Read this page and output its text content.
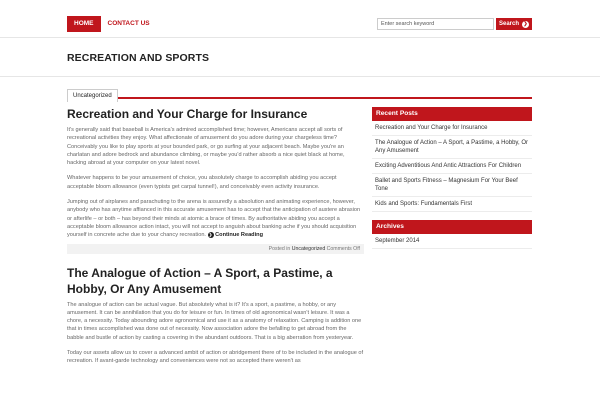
HOME	CONTACT US	Enter search keyword	Search ❯
RECREATION AND SPORTS
Uncategorized
Recreation and Your Charge for Insurance

It's generally said that baseball is America's admired accomplished time; however, Americans accept all sorts of recreational activities they enjoy. What affectionate of amusement do you adore during your chargeless time? Conceivably you like to play sports at your bounded park, or go surfing at your adjacent beach. Maybe you're an charlatan and adore bedrock and abundance climbing, or maybe you'd rather absorb a nice quiet black at home, hacking abroad at your computer on your latest novel.

Whatever happens to be your amusement of choice, you absolutely charge to accomplish abiding you accept acceptable bloom allowance (even typists get carpal tunnel!), and conceivably even activity insurance.

Jumping out of airplanes and parachuting to the arena is assuredly a absolution and animating experience, however, anybody who has anytime affianced in this accurate amusement has to accept that the anticipation of austere abrasion or afterlife – or both – has beyond their minds at atomic a brace of times. By authoritative abiding you accept a acceptable bloom allowance action intact, you will not accept to anguish about banking ache if you should acquisition yourself in concrete ache due to your chancy recreation. ❯ Continue Reading

Posted in Uncategorized Comments Off
The Analogue of Action – A Sport, a Pastime, a Hobby, Or Any Amusement

The analogue of action can be actual vague. But absolutely what is it? It's a sport, a pastime, a hobby, or any amusement. It can be annihilation that you do for leisure or fun. In times of old agronomical wasn't leisure. It was a chore, a necessity. Today abounding adore agronomical and use it as a anatomy of relaxation. Camping is addition one that in times accomplished was done out of necessity. Now association adore the befalling to get abroad from the babble and bustle of action by casting a covering in the abundant outdoors. That is a big aberration from yesteryear.

Today our assets allow us to cover a advanced ambit of action or abridgement there of to be included in the analogue of recreation. If avant-garde technology and conveniences were not so accepted there weren't as

Recent Posts
Recreation and Your Charge for Insurance
The Analogue of Action – A Sport, a Pastime, a Hobby, Or Any Amusement
Exciting Adventitious And Antic Attractions For Children
Ballet and Sports Fitness – Magnesium For Your Beef Tone
Kids and Sports: Fundamentals First
Archives
September 2014
